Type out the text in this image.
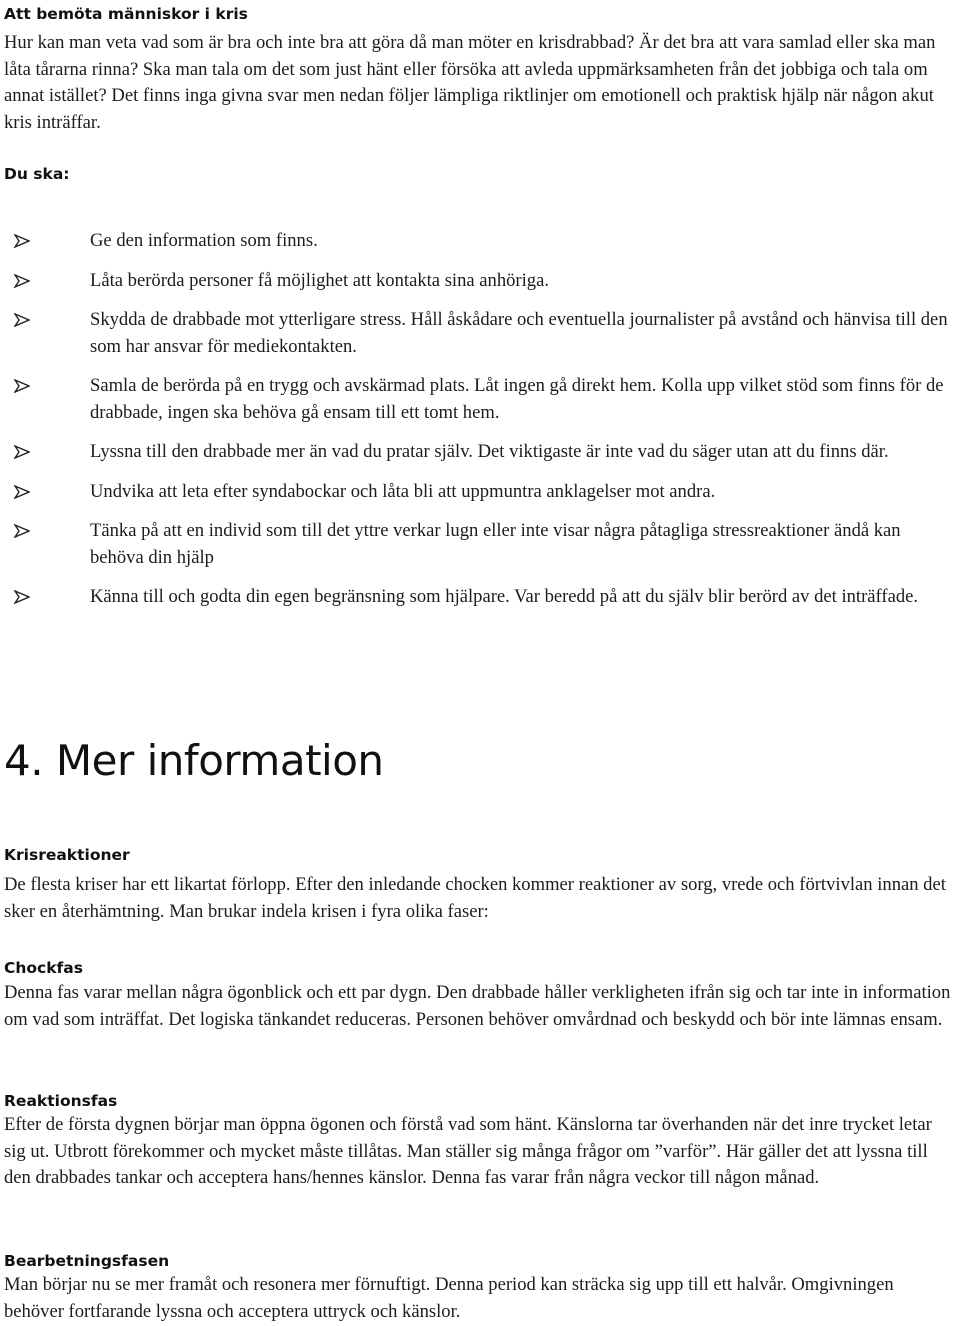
Att bemöta människor i kris

Hur kan man veta vad som är bra och inte bra att göra då man möter en krisdrabbad? Är det bra att vara samlad eller ska man låta tårarna rinna? Ska man tala om det som just hänt eller försöka att avleda uppmärksamheten från det jobbiga och tala om annat istället? Det finns inga givna svar men nedan följer lämpliga riktlinjer om emotionell och praktisk hjälp när någon akut kris inträffar.

Du ska:
Ge den information som finns.
Låta berörda personer få möjlighet att kontakta sina anhöriga.
Skydda de drabbade mot ytterligare stress. Håll åskådare och eventuella journalister på avstånd och hänvisa till den som har ansvar för mediekontakten.
Samla de berörda på en trygg och avskärmad plats. Låt ingen gå direkt hem. Kolla upp vilket stöd som finns för de drabbade, ingen ska behöva gå ensam till ett tomt hem.
Lyssna till den drabbade mer än vad du pratar själv. Det viktigaste är inte vad du säger utan att du finns där.
Undvika att leta efter syndabockar och låta bli att uppmuntra anklagelser mot andra.
Tänka på att en individ som till det yttre verkar lugn eller inte visar några påtagliga stressreaktioner ändå kan behöva din hjälp
Känna till och godta din egen begränsning som hjälpare. Var beredd på att du själv blir berörd av det inträffade.
4. Mer information
Krisreaktioner

De flesta kriser har ett likartat förlopp. Efter den inledande chocken kommer reaktioner av sorg, vrede och förtvivlan innan det sker en återhämtning. Man brukar indela krisen i fyra olika faser:

Chockfas

Denna fas varar mellan några ögonblick och ett par dygn. Den drabbade håller verkligheten ifrån sig och tar inte in information om vad som inträffat. Det logiska tänkandet reduceras. Personen behöver omvårdnad och beskydd och bör inte lämnas ensam.

Reaktionsfas

Efter de första dygnen börjar man öppna ögonen och förstå vad som hänt. Känslorna tar överhanden när det inre trycket letar sig ut. Utbrott förekommer och mycket måste tillåtas. Man ställer sig många frågor om ”varför”. Här gäller det att lyssna till den drabbades tankar och acceptera hans/hennes känslor. Denna fas varar från några veckor till någon månad.

Bearbetningsfasen

Man börjar nu se mer framåt och resonera mer förnuftigt. Denna period kan sträcka sig upp till ett halvår. Omgivningen behöver fortfarande lyssna och acceptera uttryck och känslor.
